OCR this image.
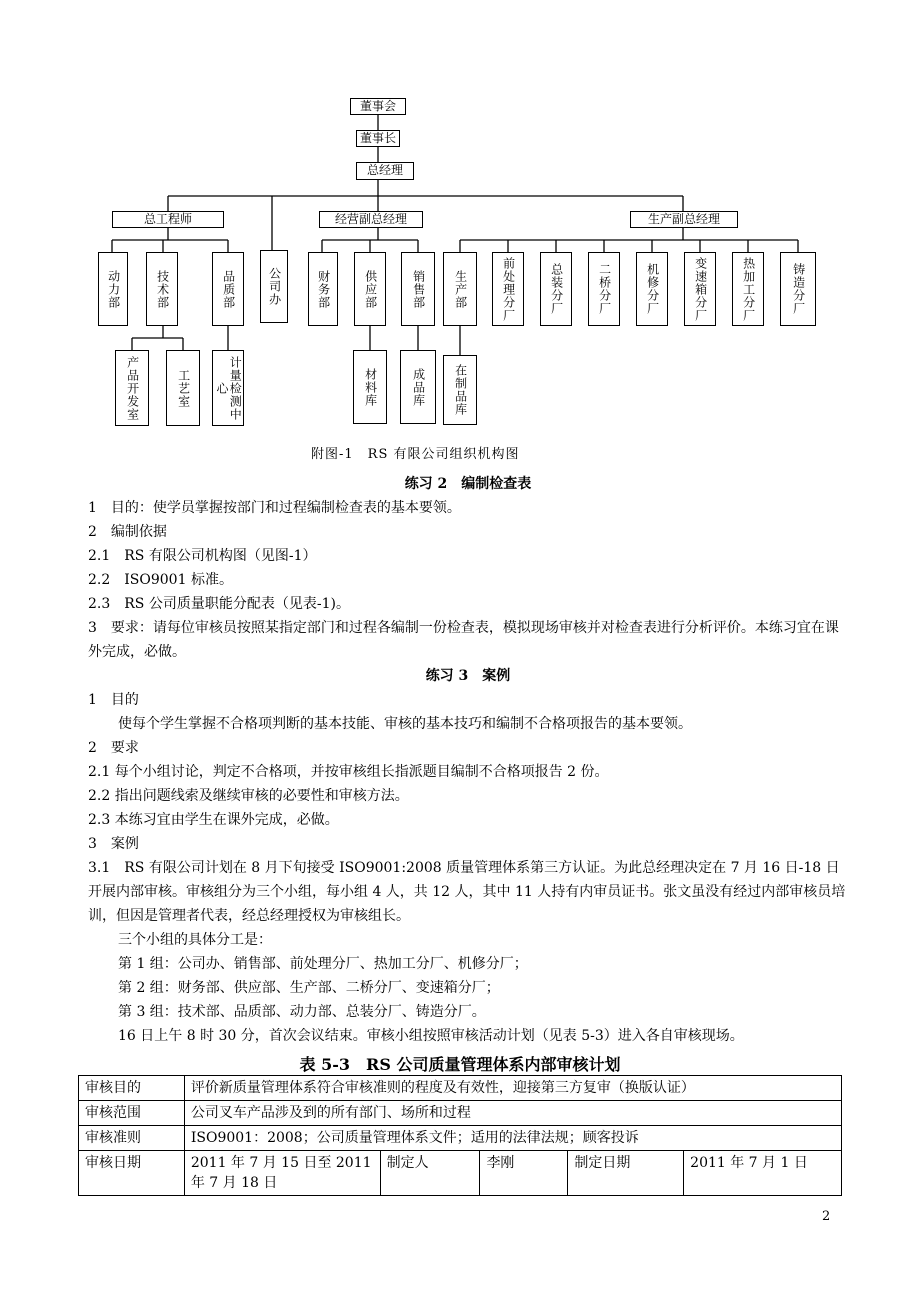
董事会
董事长
总经理
总工程师	经营副总经理	生产副总经理
公司办
动力部	技术部	品质部	财务部	供应部	销售部 生产部	前处理分厂	总装分厂	二桥分厂	机修分厂	变速箱分厂	热加工分厂	铸造分厂
产品开发室	工艺室	计量检测中心	材料库	成品库 在制品库
附图-1　RS 有限公司组织机构图
练习 2　编制检查表
1　目的：使学员掌握按部门和过程编制检查表的基本要领。
2　编制依据
2.1　RS 有限公司机构图（见图-1）
2.2　ISO9001 标准。
2.3　RS 公司质量职能分配表（见表-1)。
3　要求：请每位审核员按照某指定部门和过程各编制一份检查表，模拟现场审核并对检查表进行分析评价。本练习宜在课外完成，必做。
练习 3　案例
1　目的
使每个学生掌握不合格项判断的基本技能、审核的基本技巧和编制不合格项报告的基本要领。
2　要求
2.1 每个小组讨论，判定不合格项，并按审核组长指派题目编制不合格项报告 2 份。
2.2 指出问题线索及继续审核的必要性和审核方法。
2.3 本练习宜由学生在课外完成，必做。
3　案例
3.1　RS 有限公司计划在 8 月下旬接受 ISO9001:2008 质量管理体系第三方认证。为此总经理决定在 7 月 16 日-18 日开展内部审核。审核组分为三个小组，每小组 4 人，共 12 人，其中 11 人持有内审员证书。张文虽没有经过内部审核员培训，但因是管理者代表，经总经理授权为审核组长。
三个小组的具体分工是：
第 1 组：公司办、销售部、前处理分厂、热加工分厂、机修分厂；
第 2 组：财务部、供应部、生产部、二桥分厂、变速箱分厂；
第 3 组：技术部、品质部、动力部、总装分厂、铸造分厂。
16 日上午 8 时 30 分，首次会议结束。审核小组按照审核活动计划（见表 5-3）进入各自审核现场。
表 5-3　RS 公司质量管理体系内部审核计划
审核目的	评价新质量管理体系符合审核准则的程度及有效性，迎接第三方复审（换版认证）				
审核范围	公司叉车产品涉及到的所有部门、场所和过程				
审核准则	ISO9001：2008；公司质量管理体系文件；适用的法律法规；顾客投诉				
审核日期	2011 年 7 月 15 日至 2011 年 7 月 18 日	制定人	李刚	制定日期	2011 年 7 月 1 日
2
